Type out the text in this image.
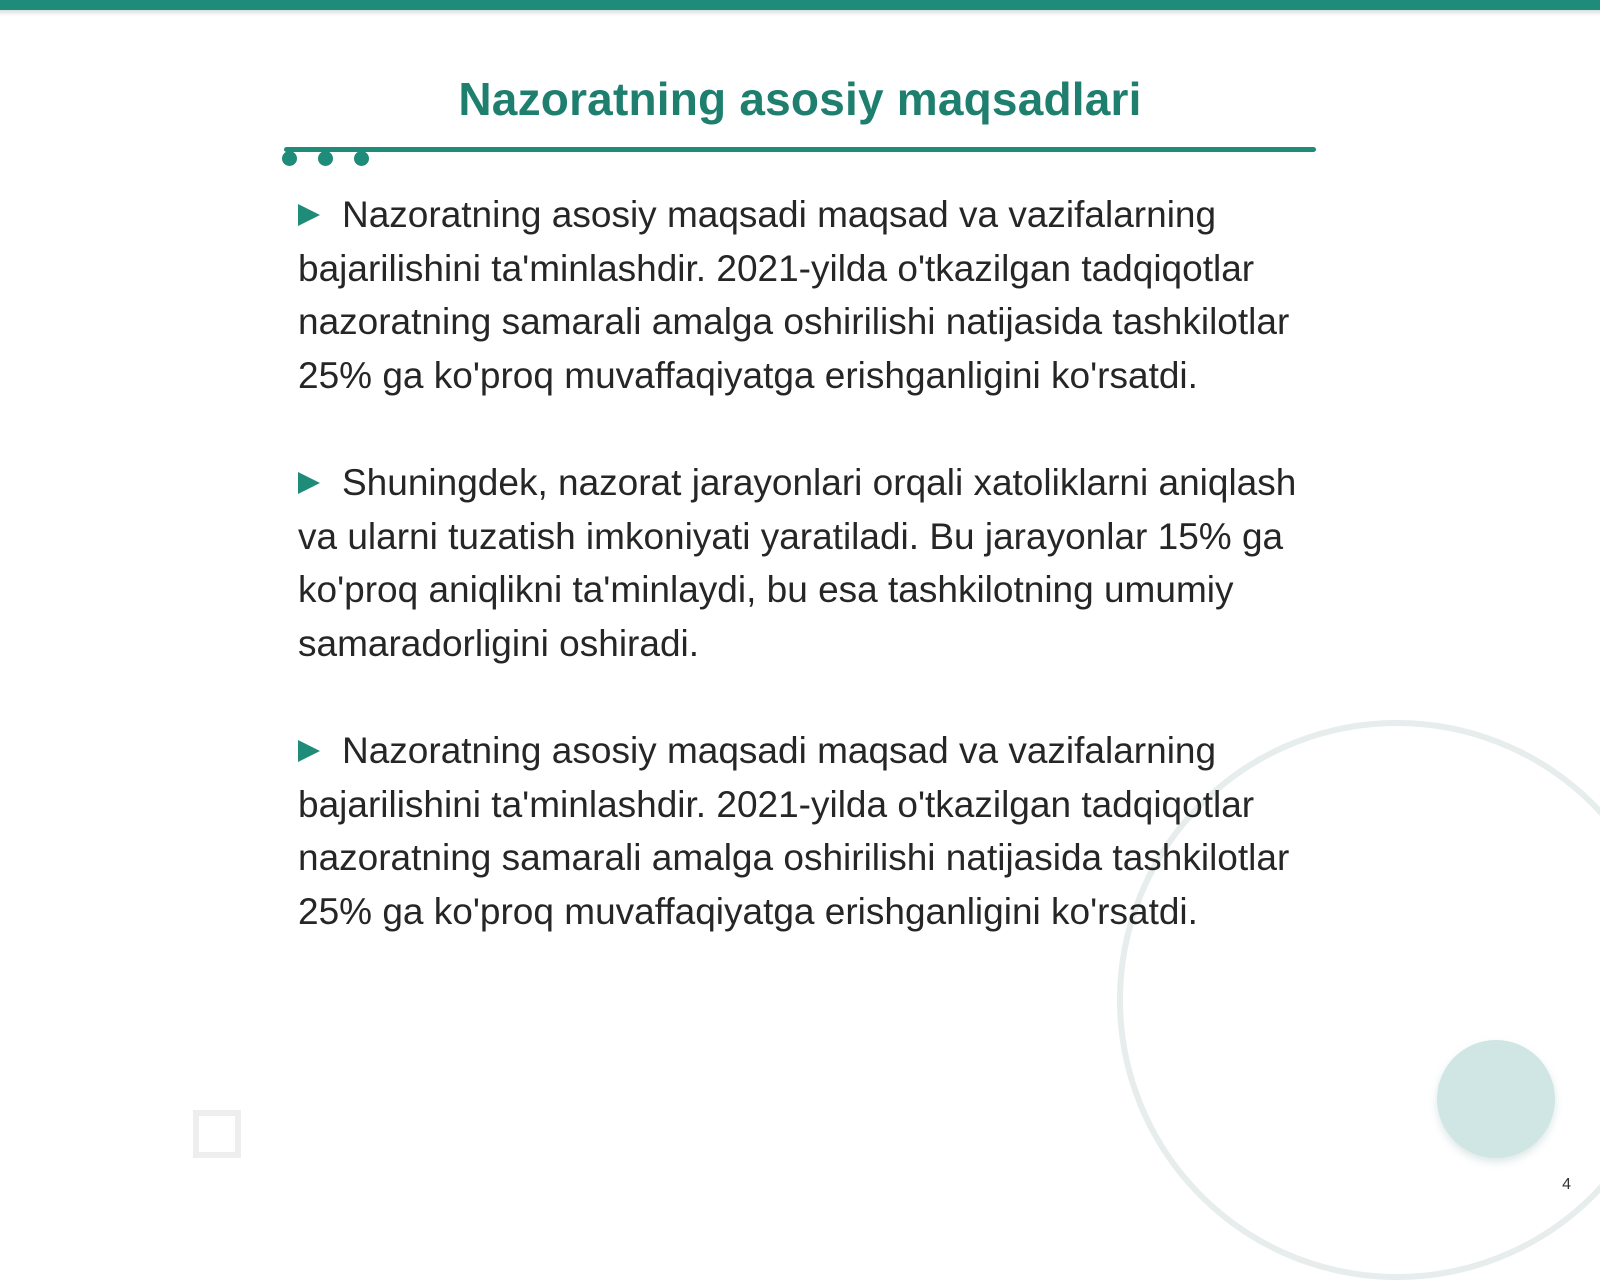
Nazoratning asosiy maqsadlari

Nazoratning asosiy maqsadi maqsad va vazifalarning bajarilishini ta'minlashdir. 2021-yilda o'tkazilgan tadqiqotlar nazoratning samarali amalga oshirilishi natijasida tashkilotlar 25% ga ko'proq muvaffaqiyatga erishganligini ko'rsatdi.

Shuningdek, nazorat jarayonlari orqali xatoliklarni aniqlash va ularni tuzatish imkoniyati yaratiladi. Bu jarayonlar 15% ga ko'proq aniqlikni ta'minlaydi, bu esa tashkilotning umumiy samaradorligini oshiradi.

Nazoratning asosiy maqsadi maqsad va vazifalarning bajarilishini ta'minlashdir. 2021-yilda o'tkazilgan tadqiqotlar nazoratning samarali amalga oshirilishi natijasida tashkilotlar 25% ga ko'proq muvaffaqiyatga erishganligini ko'rsatdi.

4
